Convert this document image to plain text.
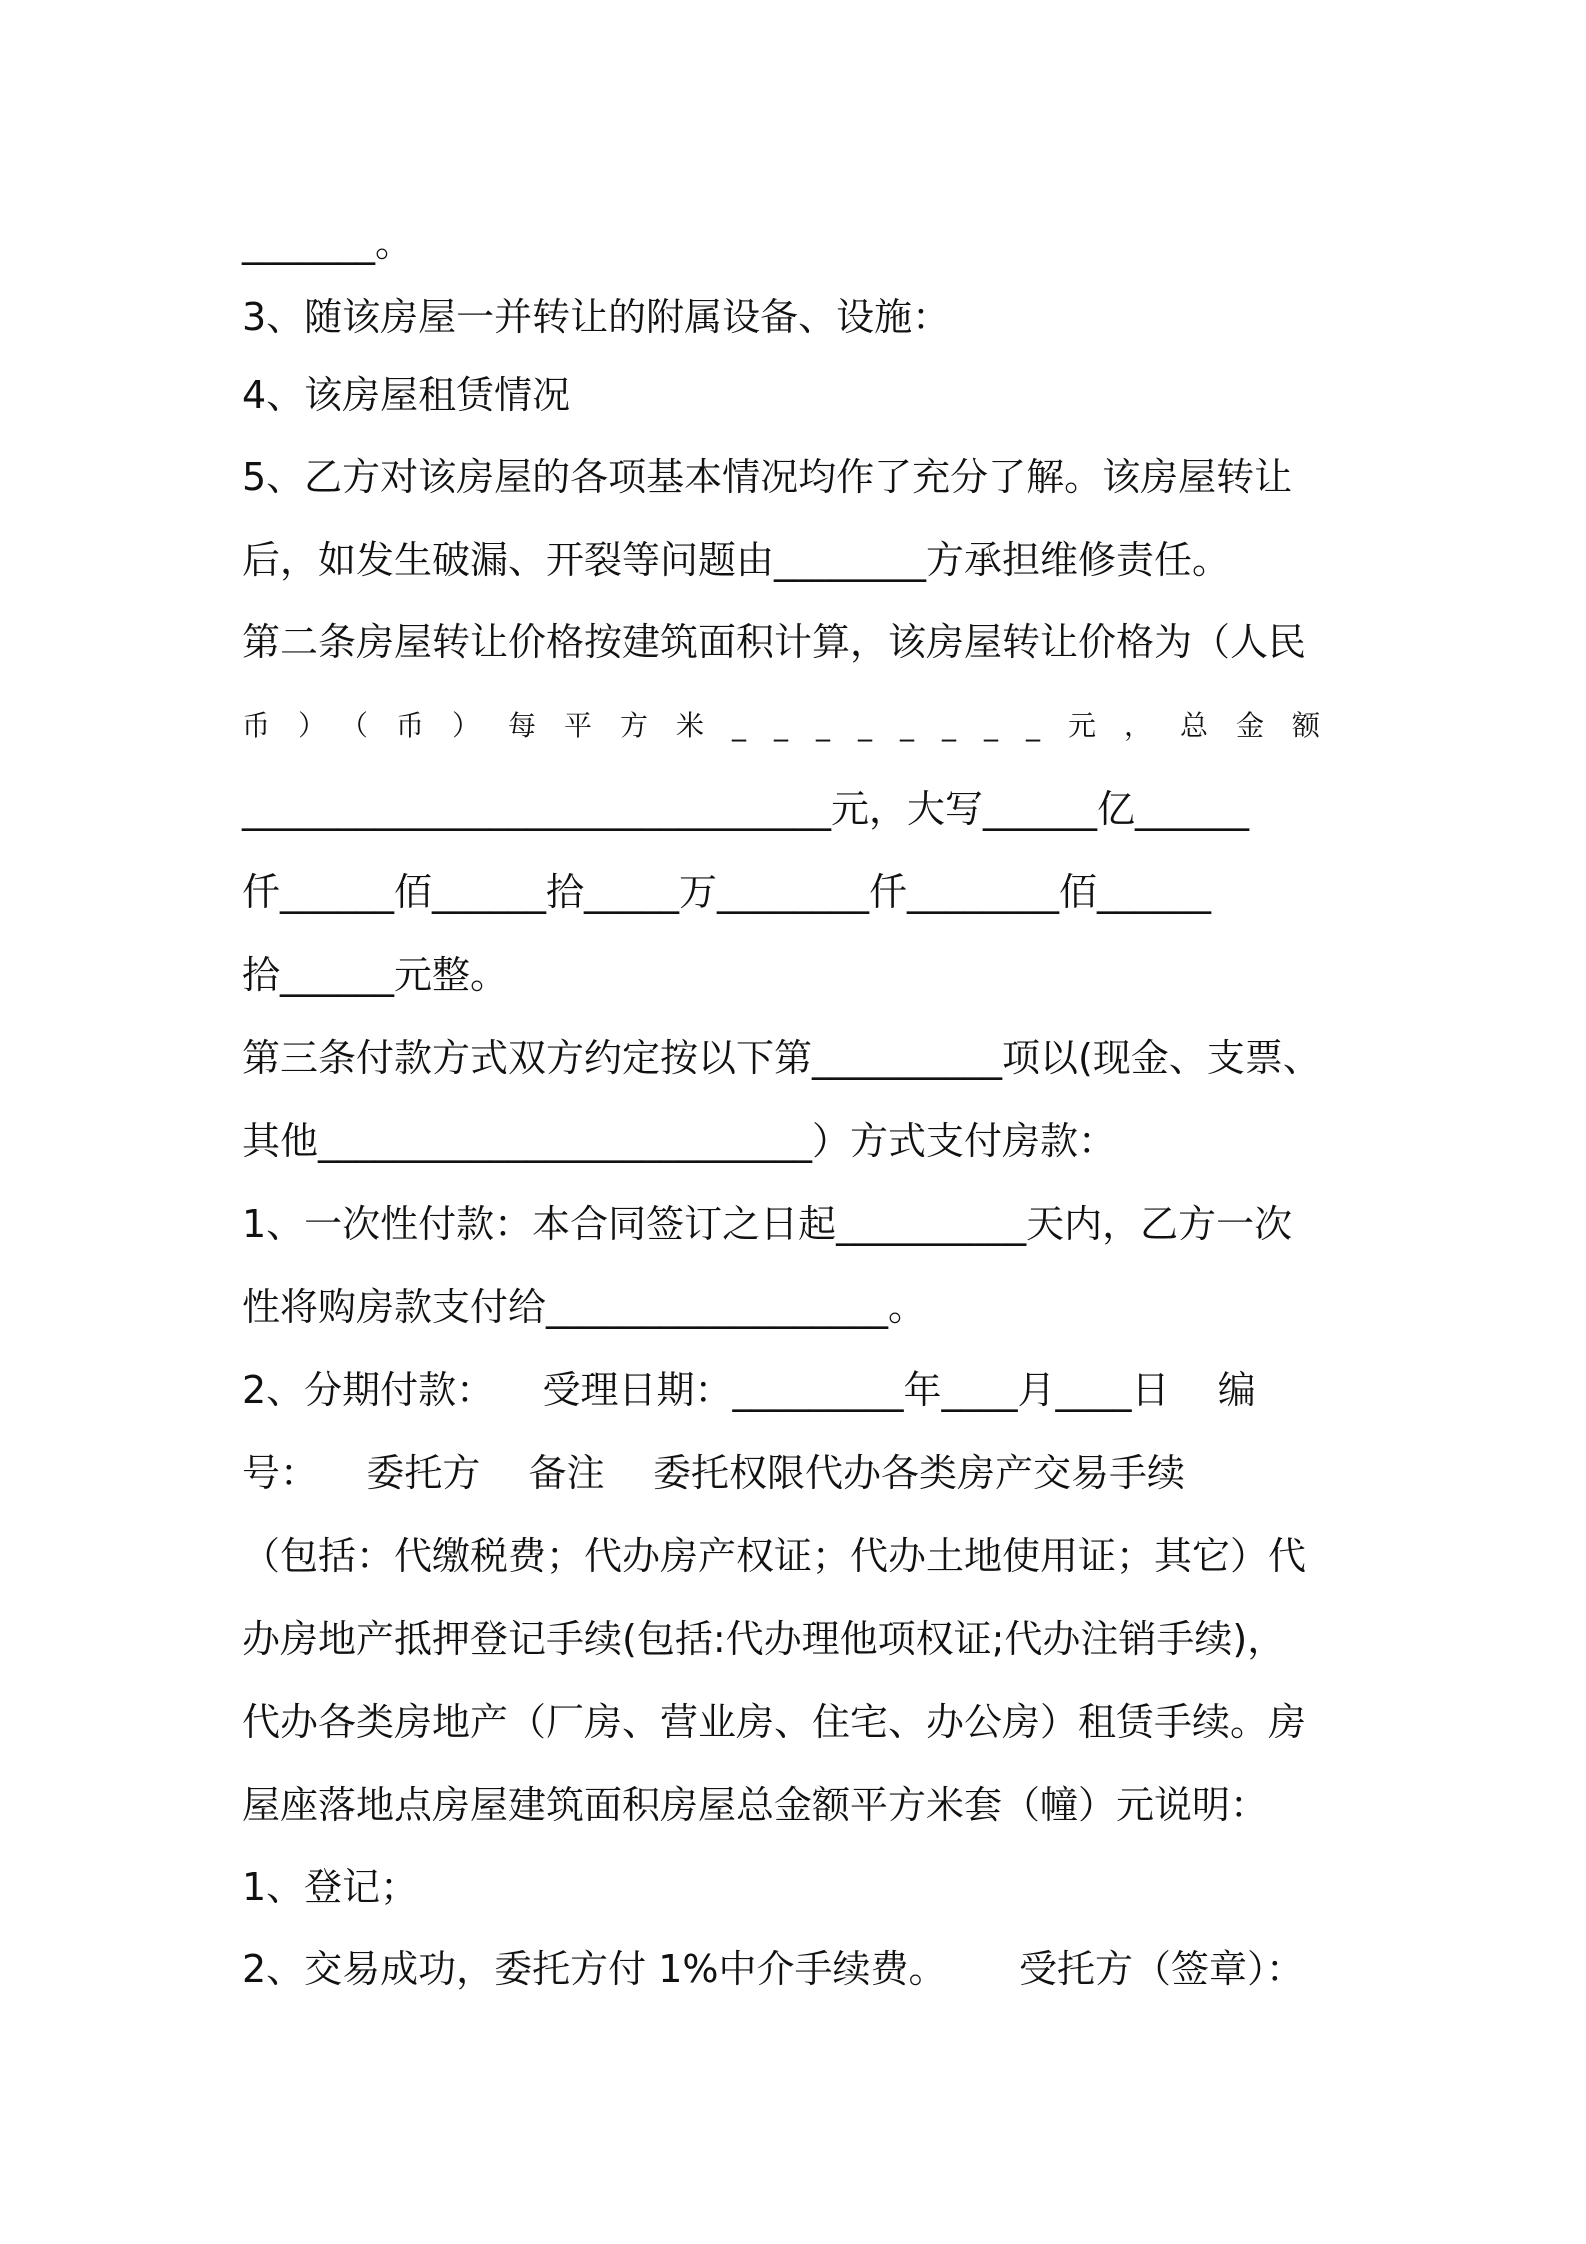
_______。
3、随该房屋一并转让的附属设备、设施：
4、该房屋租赁情况
5、乙方对该房屋的各项基本情况均作了充分了解。该房屋转让
后，如发生破漏、开裂等问题由________方承担维修责任。
第二条房屋转让价格按建筑面积计算，该房屋转让价格为（人民
币）（币）每平方米________元，总金额
_______________________________元，大写______亿______
仟______佰______拾_____万________仟________佰______
拾______元整。
第三条付款方式双方约定按以下第__________项以(现金、支票、
其他__________________________）方式支付房款：
1、一次性付款：本合同签订之日起__________天内，乙方一次
性将购房款支付给__________________。
2、分期付款：    受理日期：_________年____月____日    编
号：    委托方    备注    委托权限代办各类房产交易手续
（包括：代缴税费；代办房产权证；代办土地使用证；其它）代
办房地产抵押登记手续(包括:代办理他项权证;代办注销手续)，
代办各类房地产（厂房、营业房、住宅、办公房）租赁手续。房
屋座落地点房屋建筑面积房屋总金额平方米套（幢）元说明：
1、登记；
2、交易成功，委托方付 1%中介手续费。      受托方（签章）：
